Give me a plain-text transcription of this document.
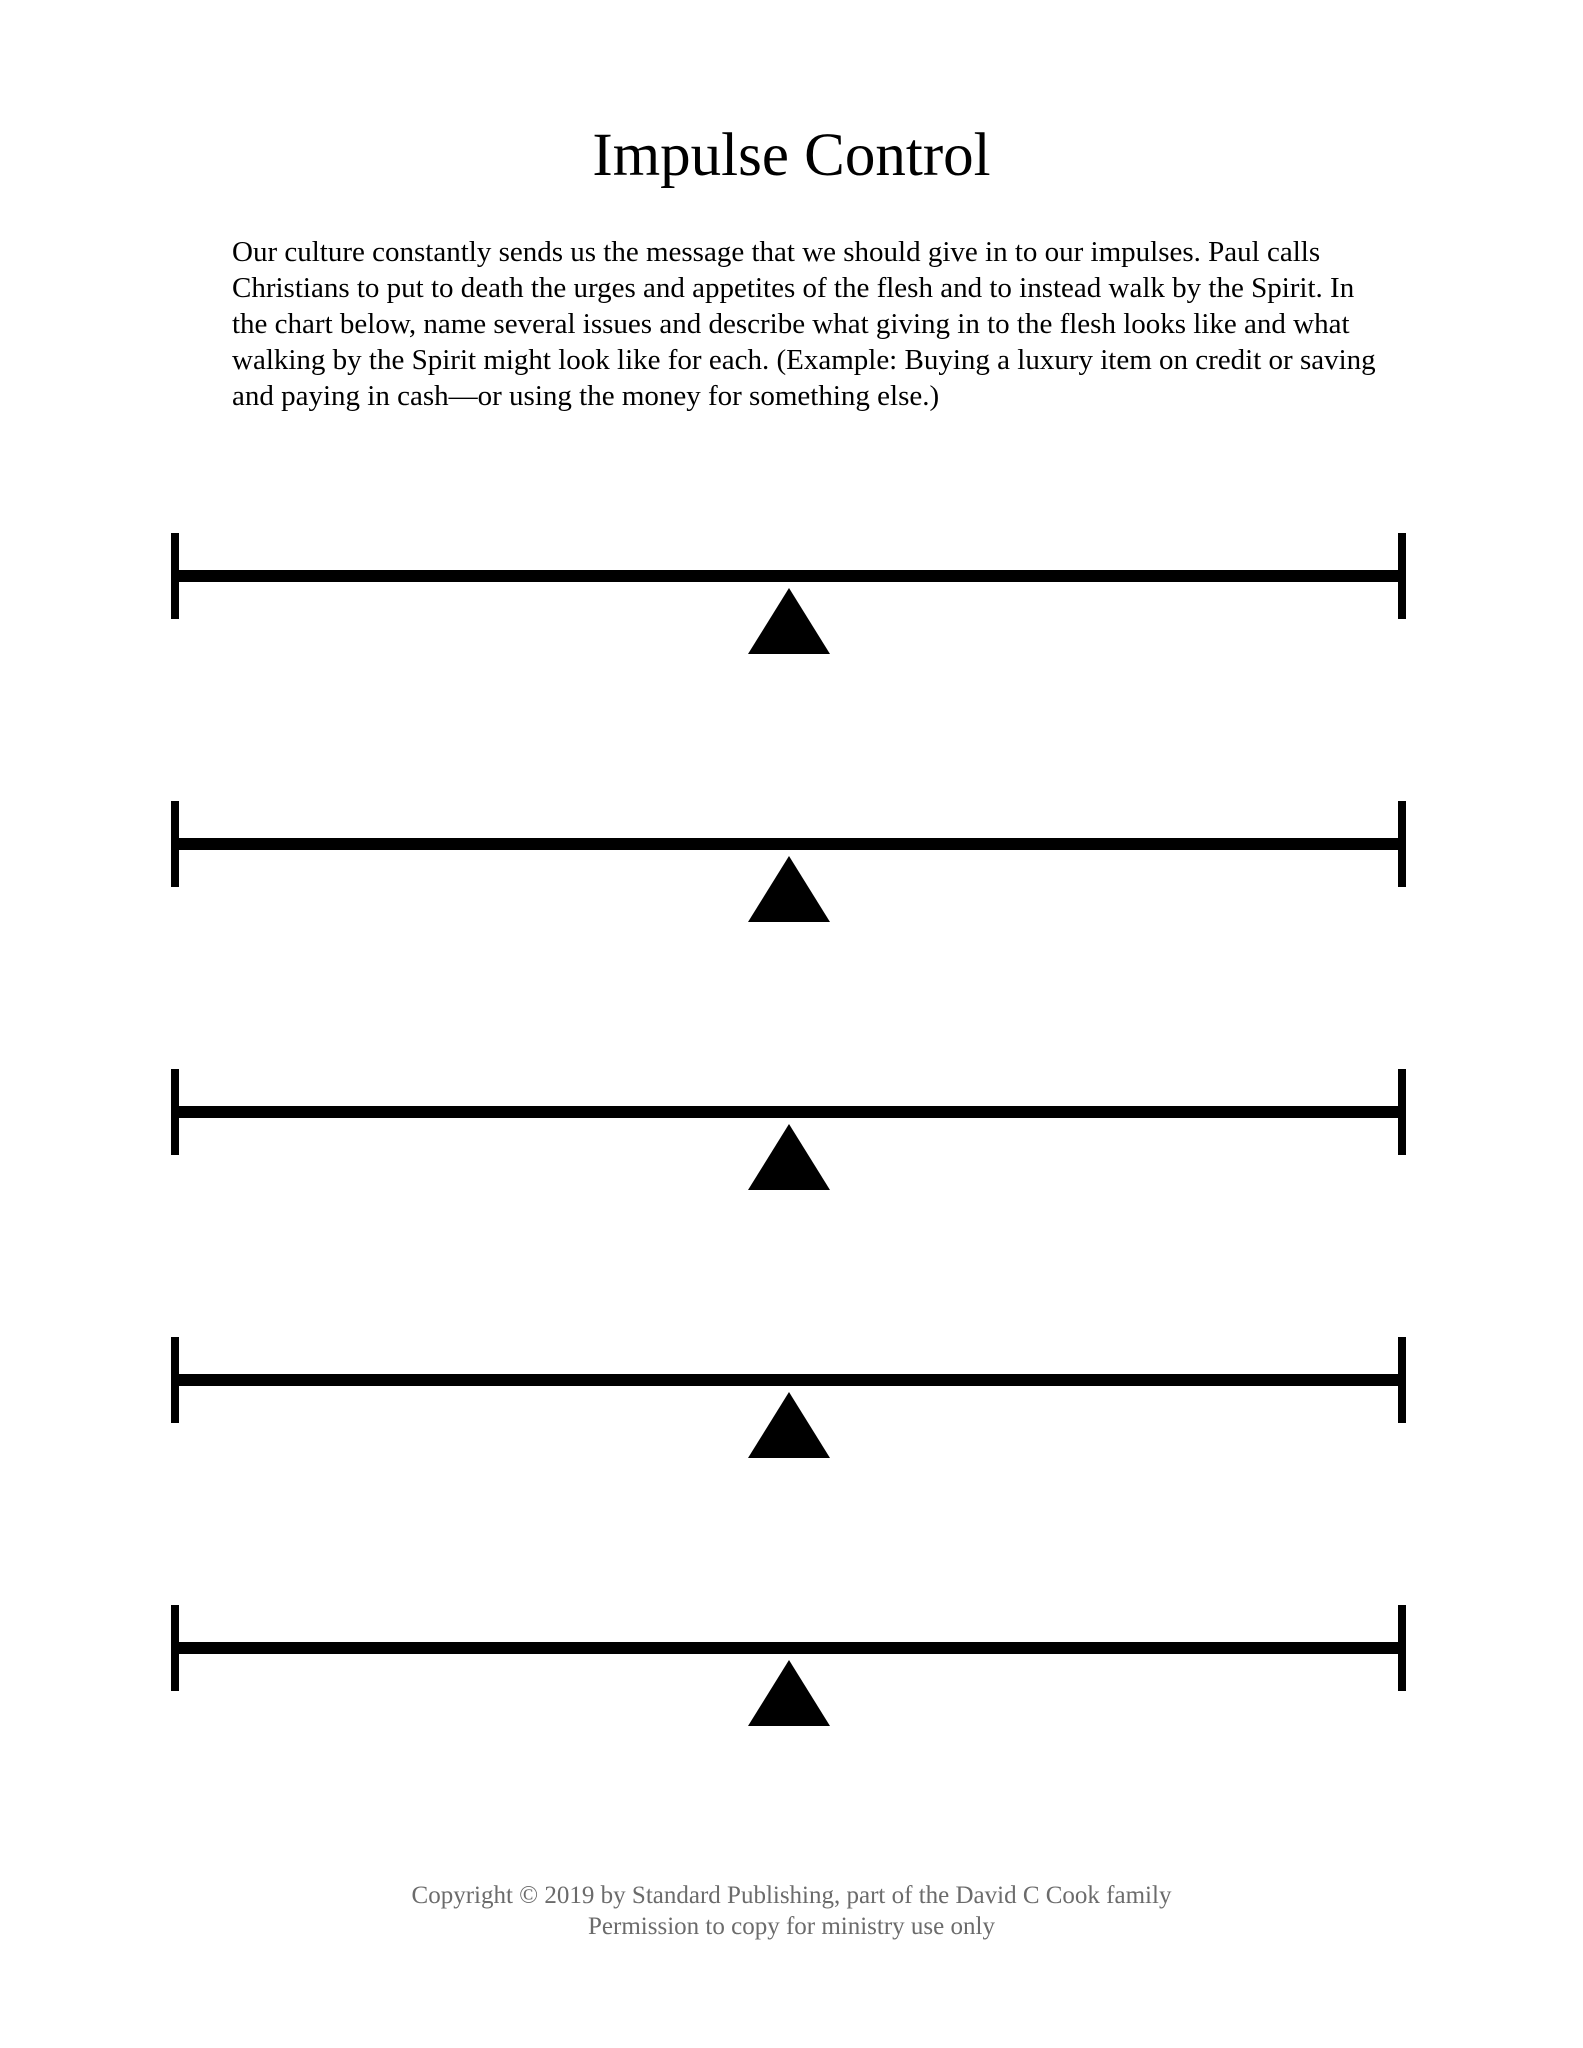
Impulse Control

Our culture constantly sends us the message that we should give in to our impulses. Paul calls Christians to put to death the urges and appetites of the flesh and to instead walk by the Spirit. In the chart below, name several issues and describe what giving in to the flesh looks like and what walking by the Spirit might look like for each. (Example: Buying a luxury item on credit or saving and paying in cash—or using the money for something else.)

Copyright © 2019 by Standard Publishing, part of the David C Cook family
Permission to copy for ministry use only
